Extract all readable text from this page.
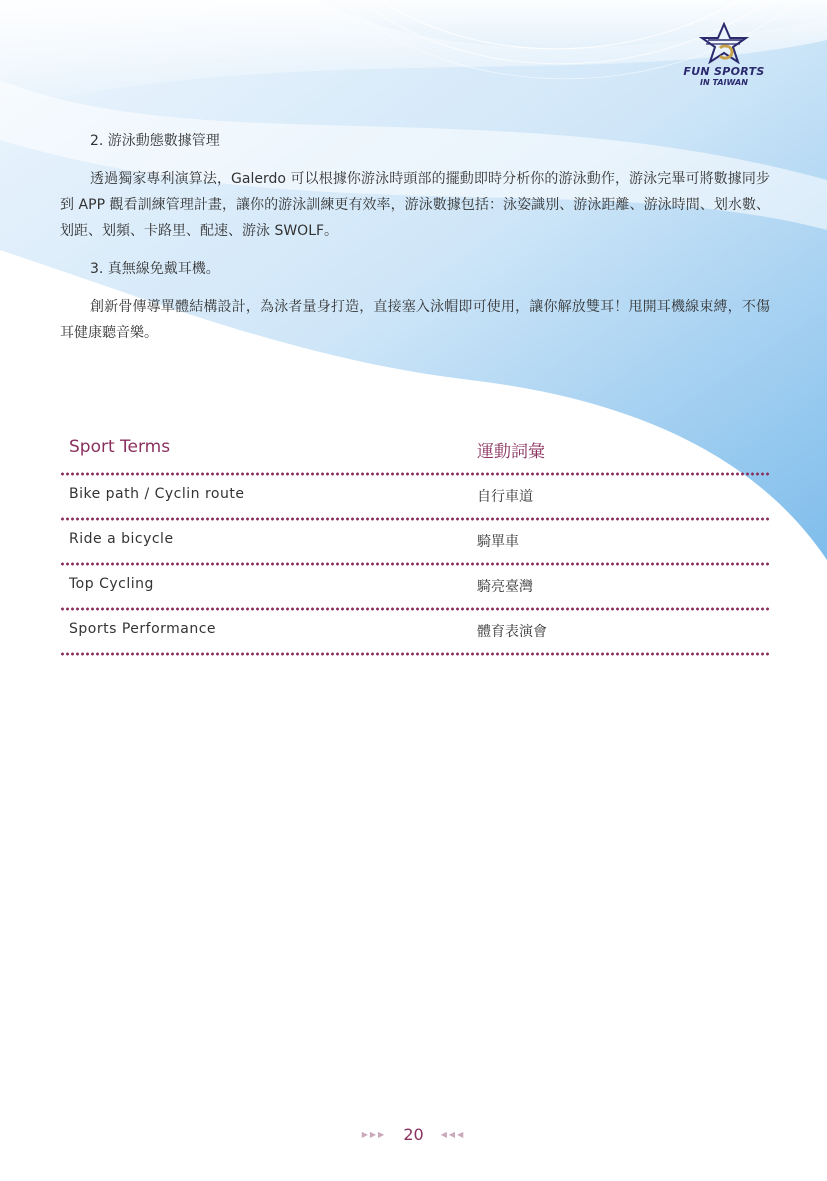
FUN SPORTS
IN TAIWAN

2. 游泳動態數據管理

透過獨家專利演算法，Galerdo 可以根據你游泳時頭部的擺動即時分析你的游泳動作，游泳完畢可將數據同步到 APP 觀看訓練管理計畫，讓你的游泳訓練更有效率，游泳數據包括：泳姿識別、游泳距離、游泳時間、划水數、划距、划頻、卡路里、配速、游泳 SWOLF。

3. 真無線免戴耳機。

創新骨傳導單體結構設計，為泳者量身打造，直接塞入泳帽即可使用，讓你解放雙耳！甩開耳機線束縛，不傷耳健康聽音樂。

Sport Terms	運動詞彙
Bike path / Cyclin route	自行車道
Ride a bicycle	騎單車
Top Cycling	騎亮臺灣
Sports Performance	體育表演會
▶▶▶ 20 ◀◀◀
